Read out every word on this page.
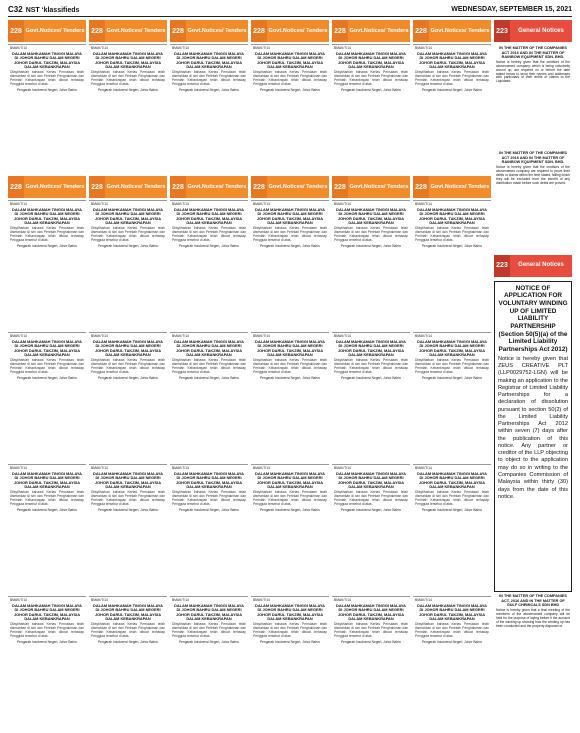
C32 NST ‘klassifieds	WEDNESDAY, SEPTEMBER 15, 2021
228 Govt.Notices/ Tenders
BMAK/T/14
DALAM MAHKAMAH TINGGI MALAYA DI JOHOR BAHRU DALAM NEGERI JOHOR DARUL TAKZIM, MALAYSIA DALAM KEBANKRAPAN
Diisytiharkan bahawa Kertas Pemulaan telah diserahkan di sini dan Perintah Penghakiman dan Perintah Kebankrapan telah dibuat terhadap Pengguta tersebut di atas.
Pengarah Insolvensi Negeri, Johor Bahru
228 Govt.Notices/ Tenders
BMAK/T/14
DALAM MAHKAMAH TINGGI MALAYA DI JOHOR BAHRU DALAM NEGERI JOHOR DARUL TAKZIM, MALAYSIA DALAM KEBANKRAPAN
Diisytiharkan bahawa Kertas Pemulaan telah diserahkan di sini dan Perintah Penghakiman dan Perintah Kebankrapan telah dibuat terhadap Pengguta tersebut di atas.
Pengarah Insolvensi Negeri, Johor Bahru
BMAK/T/14
DALAM MAHKAMAH TINGGI MALAYA DI JOHOR BAHRU DALAM NEGERI JOHOR DARUL TAKZIM, MALAYSIA DALAM KEBANKRAPAN
Diisytiharkan bahawa Kertas Pemulaan telah diserahkan di sini dan Perintah Penghakiman dan Perintah Kebankrapan telah dibuat terhadap Pengguta tersebut di atas.
Pengarah Insolvensi Negeri, Johor Bahru
BMAK/T/14
DALAM MAHKAMAH TINGGI MALAYA DI JOHOR BAHRU DALAM NEGERI JOHOR DARUL TAKZIM, MALAYSIA DALAM KEBANKRAPAN
Diisytiharkan bahawa Kertas Pemulaan telah diserahkan di sini dan Perintah Penghakiman dan Perintah Kebankrapan telah dibuat terhadap Pengguta tersebut di atas.
Pengarah Insolvensi Negeri, Johor Bahru
BMAK/T/14
DALAM MAHKAMAH TINGGI MALAYA DI JOHOR BAHRU DALAM NEGERI JOHOR DARUL TAKZIM, MALAYSIA DALAM KEBANKRAPAN
Diisytiharkan bahawa Kertas Pemulaan telah diserahkan di sini dan Perintah Penghakiman dan Perintah Kebankrapan telah dibuat terhadap Pengguta tersebut di atas.
Pengarah Insolvensi Negeri, Johor Bahru
228 Govt.Notices/ Tenders
BMAK/T/14
DALAM MAHKAMAH TINGGI MALAYA DI JOHOR BAHRU DALAM NEGERI JOHOR DARUL TAKZIM, MALAYSIA DALAM KEBANKRAPAN
Diisytiharkan bahawa Kertas Pemulaan telah diserahkan di sini dan Perintah Penghakiman dan Perintah Kebankrapan telah dibuat terhadap Pengguta tersebut di atas.
Pengarah Insolvensi Negeri, Johor Bahru
228 Govt.Notices/ Tenders
BMAK/T/14
DALAM MAHKAMAH TINGGI MALAYA DI JOHOR BAHRU DALAM NEGERI JOHOR DARUL TAKZIM, MALAYSIA DALAM KEBANKRAPAN
Diisytiharkan bahawa Kertas Pemulaan telah diserahkan di sini dan Perintah Penghakiman dan Perintah Kebankrapan telah dibuat terhadap Pengguta tersebut di atas.
Pengarah Insolvensi Negeri, Johor Bahru
BMAK/T/14
DALAM MAHKAMAH TINGGI MALAYA DI JOHOR BAHRU DALAM NEGERI JOHOR DARUL TAKZIM, MALAYSIA DALAM KEBANKRAPAN
Diisytiharkan bahawa Kertas Pemulaan telah diserahkan di sini dan Perintah Penghakiman dan Perintah Kebankrapan telah dibuat terhadap Pengguta tersebut di atas.
Pengarah Insolvensi Negeri, Johor Bahru
BMAK/T/14
DALAM MAHKAMAH TINGGI MALAYA DI JOHOR BAHRU DALAM NEGERI JOHOR DARUL TAKZIM, MALAYSIA DALAM KEBANKRAPAN
Diisytiharkan bahawa Kertas Pemulaan telah diserahkan di sini dan Perintah Penghakiman dan Perintah Kebankrapan telah dibuat terhadap Pengguta tersebut di atas.
Pengarah Insolvensi Negeri, Johor Bahru
BMAK/T/14
DALAM MAHKAMAH TINGGI MALAYA DI JOHOR BAHRU DALAM NEGERI JOHOR DARUL TAKZIM, MALAYSIA DALAM KEBANKRAPAN
Diisytiharkan bahawa Kertas Pemulaan telah diserahkan di sini dan Perintah Penghakiman dan Perintah Kebankrapan telah dibuat terhadap Pengguta tersebut di atas.
Pengarah Insolvensi Negeri, Johor Bahru
228 Govt.Notices/ Tenders
BMAK/T/14
DALAM MAHKAMAH TINGGI MALAYA DI JOHOR BAHRU DALAM NEGERI JOHOR DARUL TAKZIM, MALAYSIA DALAM KEBANKRAPAN
Diisytiharkan bahawa Kertas Pemulaan telah diserahkan di sini dan Perintah Penghakiman dan Perintah Kebankrapan telah dibuat terhadap Pengguta tersebut di atas.
Pengarah Insolvensi Negeri, Johor Bahru
228 Govt.Notices/ Tenders
BMAK/T/14
DALAM MAHKAMAH TINGGI MALAYA DI JOHOR BAHRU DALAM NEGERI JOHOR DARUL TAKZIM, MALAYSIA DALAM KEBANKRAPAN
Diisytiharkan bahawa Kertas Pemulaan telah diserahkan di sini dan Perintah Penghakiman dan Perintah Kebankrapan telah dibuat terhadap Pengguta tersebut di atas.
Pengarah Insolvensi Negeri, Johor Bahru
BMAK/T/14
DALAM MAHKAMAH TINGGI MALAYA DI JOHOR BAHRU DALAM NEGERI JOHOR DARUL TAKZIM, MALAYSIA DALAM KEBANKRAPAN
Diisytiharkan bahawa Kertas Pemulaan telah diserahkan di sini dan Perintah Penghakiman dan Perintah Kebankrapan telah dibuat terhadap Pengguta tersebut di atas.
Pengarah Insolvensi Negeri, Johor Bahru
BMAK/T/14
DALAM MAHKAMAH TINGGI MALAYA DI JOHOR BAHRU DALAM NEGERI JOHOR DARUL TAKZIM, MALAYSIA DALAM KEBANKRAPAN
Diisytiharkan bahawa Kertas Pemulaan telah diserahkan di sini dan Perintah Penghakiman dan Perintah Kebankrapan telah dibuat terhadap Pengguta tersebut di atas.
Pengarah Insolvensi Negeri, Johor Bahru
BMAK/T/14
DALAM MAHKAMAH TINGGI MALAYA DI JOHOR BAHRU DALAM NEGERI JOHOR DARUL TAKZIM, MALAYSIA DALAM KEBANKRAPAN
Diisytiharkan bahawa Kertas Pemulaan telah diserahkan di sini dan Perintah Penghakiman dan Perintah Kebankrapan telah dibuat terhadap Pengguta tersebut di atas.
Pengarah Insolvensi Negeri, Johor Bahru
228 Govt.Notices/ Tenders
BMAK/T/14
DALAM MAHKAMAH TINGGI MALAYA DI JOHOR BAHRU DALAM NEGERI JOHOR DARUL TAKZIM, MALAYSIA DALAM KEBANKRAPAN
Diisytiharkan bahawa Kertas Pemulaan telah diserahkan di sini dan Perintah Penghakiman dan Perintah Kebankrapan telah dibuat terhadap Pengguta tersebut di atas.
Pengarah Insolvensi Negeri, Johor Bahru
228 Govt.Notices/ Tenders
BMAK/T/14
DALAM MAHKAMAH TINGGI MALAYA DI JOHOR BAHRU DALAM NEGERI JOHOR DARUL TAKZIM, MALAYSIA DALAM KEBANKRAPAN
Diisytiharkan bahawa Kertas Pemulaan telah diserahkan di sini dan Perintah Penghakiman dan Perintah Kebankrapan telah dibuat terhadap Pengguta tersebut di atas.
Pengarah Insolvensi Negeri, Johor Bahru
BMAK/T/14
DALAM MAHKAMAH TINGGI MALAYA DI JOHOR BAHRU DALAM NEGERI JOHOR DARUL TAKZIM, MALAYSIA DALAM KEBANKRAPAN
Diisytiharkan bahawa Kertas Pemulaan telah diserahkan di sini dan Perintah Penghakiman dan Perintah Kebankrapan telah dibuat terhadap Pengguta tersebut di atas.
Pengarah Insolvensi Negeri, Johor Bahru
BMAK/T/14
DALAM MAHKAMAH TINGGI MALAYA DI JOHOR BAHRU DALAM NEGERI JOHOR DARUL TAKZIM, MALAYSIA DALAM KEBANKRAPAN
Diisytiharkan bahawa Kertas Pemulaan telah diserahkan di sini dan Perintah Penghakiman dan Perintah Kebankrapan telah dibuat terhadap Pengguta tersebut di atas.
Pengarah Insolvensi Negeri, Johor Bahru
BMAK/T/14
DALAM MAHKAMAH TINGGI MALAYA DI JOHOR BAHRU DALAM NEGERI JOHOR DARUL TAKZIM, MALAYSIA DALAM KEBANKRAPAN
Diisytiharkan bahawa Kertas Pemulaan telah diserahkan di sini dan Perintah Penghakiman dan Perintah Kebankrapan telah dibuat terhadap Pengguta tersebut di atas.
Pengarah Insolvensi Negeri, Johor Bahru
228 Govt.Notices/ Tenders
BMAK/T/14
DALAM MAHKAMAH TINGGI MALAYA DI JOHOR BAHRU DALAM NEGERI JOHOR DARUL TAKZIM, MALAYSIA DALAM KEBANKRAPAN
Diisytiharkan bahawa Kertas Pemulaan telah diserahkan di sini dan Perintah Penghakiman dan Perintah Kebankrapan telah dibuat terhadap Pengguta tersebut di atas.
Pengarah Insolvensi Negeri, Johor Bahru
228 Govt.Notices/ Tenders
BMAK/T/14
DALAM MAHKAMAH TINGGI MALAYA DI JOHOR BAHRU DALAM NEGERI JOHOR DARUL TAKZIM, MALAYSIA DALAM KEBANKRAPAN
Diisytiharkan bahawa Kertas Pemulaan telah diserahkan di sini dan Perintah Penghakiman dan Perintah Kebankrapan telah dibuat terhadap Pengguta tersebut di atas.
Pengarah Insolvensi Negeri, Johor Bahru
BMAK/T/14
DALAM MAHKAMAH TINGGI MALAYA DI JOHOR BAHRU DALAM NEGERI JOHOR DARUL TAKZIM, MALAYSIA DALAM KEBANKRAPAN
Diisytiharkan bahawa Kertas Pemulaan telah diserahkan di sini dan Perintah Penghakiman dan Perintah Kebankrapan telah dibuat terhadap Pengguta tersebut di atas.
Pengarah Insolvensi Negeri, Johor Bahru
BMAK/T/14
DALAM MAHKAMAH TINGGI MALAYA DI JOHOR BAHRU DALAM NEGERI JOHOR DARUL TAKZIM, MALAYSIA DALAM KEBANKRAPAN
Diisytiharkan bahawa Kertas Pemulaan telah diserahkan di sini dan Perintah Penghakiman dan Perintah Kebankrapan telah dibuat terhadap Pengguta tersebut di atas.
Pengarah Insolvensi Negeri, Johor Bahru
BMAK/T/14
DALAM MAHKAMAH TINGGI MALAYA DI JOHOR BAHRU DALAM NEGERI JOHOR DARUL TAKZIM, MALAYSIA DALAM KEBANKRAPAN
Diisytiharkan bahawa Kertas Pemulaan telah diserahkan di sini dan Perintah Penghakiman dan Perintah Kebankrapan telah dibuat terhadap Pengguta tersebut di atas.
Pengarah Insolvensi Negeri, Johor Bahru
228 Govt.Notices/ Tenders
BMAK/T/14
DALAM MAHKAMAH TINGGI MALAYA DI JOHOR BAHRU DALAM NEGERI JOHOR DARUL TAKZIM, MALAYSIA DALAM KEBANKRAPAN
Diisytiharkan bahawa Kertas Pemulaan telah diserahkan di sini dan Perintah Penghakiman dan Perintah Kebankrapan telah dibuat terhadap Pengguta tersebut di atas.
Pengarah Insolvensi Negeri, Johor Bahru
228 Govt.Notices/ Tenders
BMAK/T/14
DALAM MAHKAMAH TINGGI MALAYA DI JOHOR BAHRU DALAM NEGERI JOHOR DARUL TAKZIM, MALAYSIA DALAM KEBANKRAPAN
Diisytiharkan bahawa Kertas Pemulaan telah diserahkan di sini dan Perintah Penghakiman dan Perintah Kebankrapan telah dibuat terhadap Pengguta tersebut di atas.
Pengarah Insolvensi Negeri, Johor Bahru
BMAK/T/14
DALAM MAHKAMAH TINGGI MALAYA DI JOHOR BAHRU DALAM NEGERI JOHOR DARUL TAKZIM, MALAYSIA DALAM KEBANKRAPAN
Diisytiharkan bahawa Kertas Pemulaan telah diserahkan di sini dan Perintah Penghakiman dan Perintah Kebankrapan telah dibuat terhadap Pengguta tersebut di atas.
Pengarah Insolvensi Negeri, Johor Bahru
BMAK/T/14
DALAM MAHKAMAH TINGGI MALAYA DI JOHOR BAHRU DALAM NEGERI JOHOR DARUL TAKZIM, MALAYSIA DALAM KEBANKRAPAN
Diisytiharkan bahawa Kertas Pemulaan telah diserahkan di sini dan Perintah Penghakiman dan Perintah Kebankrapan telah dibuat terhadap Pengguta tersebut di atas.
Pengarah Insolvensi Negeri, Johor Bahru
BMAK/T/14
DALAM MAHKAMAH TINGGI MALAYA DI JOHOR BAHRU DALAM NEGERI JOHOR DARUL TAKZIM, MALAYSIA DALAM KEBANKRAPAN
Diisytiharkan bahawa Kertas Pemulaan telah diserahkan di sini dan Perintah Penghakiman dan Perintah Kebankrapan telah dibuat terhadap Pengguta tersebut di atas.
Pengarah Insolvensi Negeri, Johor Bahru
223	General Notices
IN THE MATTER OF THE COMPANIES ACT 2016 AND IN THE MATTER OF RAINBOW EQUIPMENT SDN. BHD.
Notice is hereby given that the creditors of the abovenamed company, which is being voluntarily wound up, are required on or before the date stated below to send their names and addresses with particulars of their debts or claims to the Liquidator.
IN THE MATTER OF THE COMPANIES ACT 2016 AND IN THE MATTER OF RAINBOW EQUIPMENT SDN. BHD.
Notice is hereby given that the creditors of the abovenamed company are required to prove their debts or claims within the time stated, failing which they will be excluded from the benefit of any distribution made before such debts are proved.
223	General Notices
NOTICE OF APPLICATION FOR VOLUNTARY WINDING UP OF LIMITED LIABILITY PARTNERSHIP (Section 50(5)(a) of the Limited Liability Partnerships Act 2012)
Notice is hereby given that ZEUS CREATIVE PLT (LLP0029752-LGN) will be making an application to the Registrar of Limited Liability Partnerships for a declaration of dissolution pursuant to section 50(2) of the Limited Liability Partnerships Act 2012 within seven (7) days after the publication of this notice. Any partner or creditor of the LLP objecting to object to the application may do so in writing to the Companies Commission of Malaysia within thirty (30) days from the date of this notice.
IN THE MATTER OF THE COMPANIES ACT, 2016 AND IN THE MATTER OF GULF CHEMICALS SDN BHD
Notice is hereby given that a final meeting of the members of the abovenamed company will be held for the purpose of laying before it the account of the winding up showing how the winding up has been conducted and the property disposed of.
